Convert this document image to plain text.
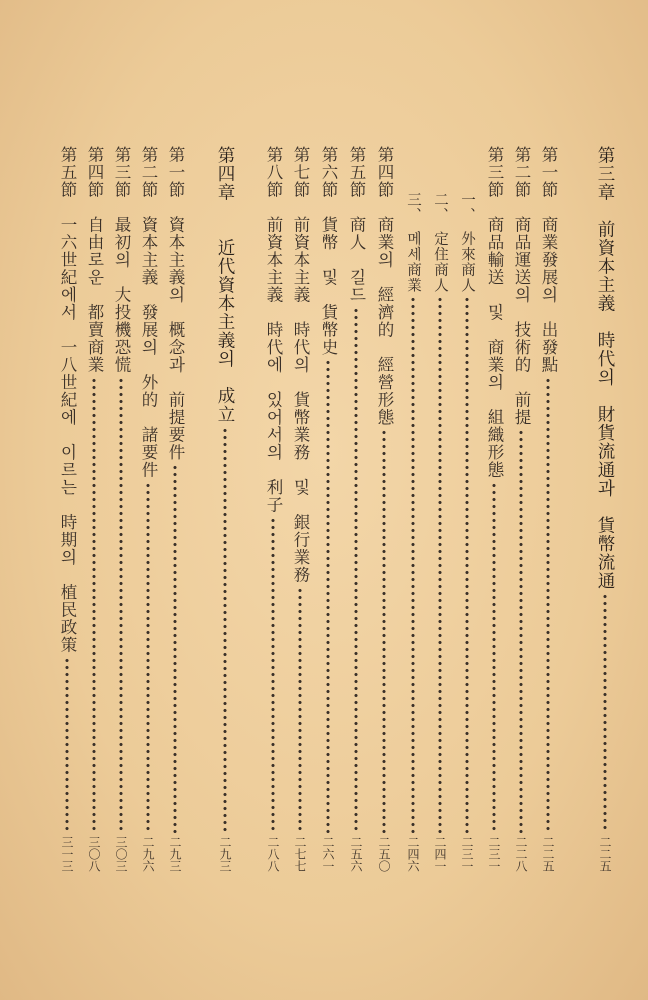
第三章　前資本主義　時代의　財貨流通과　貨幣流通
二二五
第一節　商業發展의　出發點
二二五
第二節　商品運送의　技術的　前提
二二八
第三節　商品輸送　및　商業의　組織形態
二三一
一、　外來商人
二三一
二、　定住商人
二四一
三、　메세商業
二四六
第四節　商業의　經濟的　經營形態
二五〇
第五節　商人　길드
二五六
第六節　貨幣　및　貨幣史
二六一
第七節　前資本主義　時代의　貨幣業務　및　銀行業務
二七七
第八節　前資本主義　時代에　있어서의　利子
二八八
第四章　　近代資本主義의　成立
二九三
第一節　資本主義의　概念과　前提要件
二九三
第二節　資本主義　發展의　外的　諸要件
二九六
第三節　最初의　大投機恐慌
三〇三
第四節　自由로운　都賣商業
三〇八
第五節　一六世紀에서　一八世紀에　이르는　時期의　植民政策
三一三
